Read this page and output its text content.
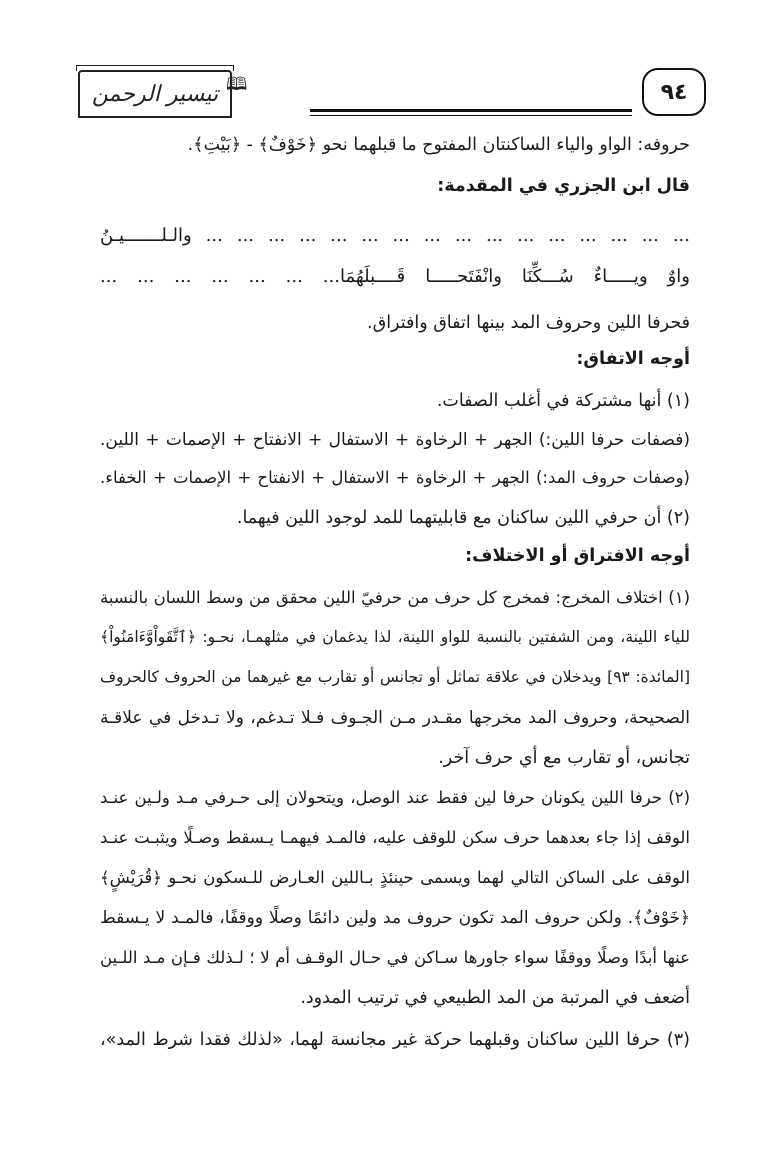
تيسير الرحمن 🕮	٩٤

حروفه: الواو والياء الساكنتان المفتوح ما قبلهما نحو ﴿خَوْفٌ﴾ - ﴿بَيْتِ﴾.

قال ابن الجزري في المقدمة:

... ... ... ... ... ... ... ... ... ... ... ... ... ... ... ... والـلـــــــيـنُ

واوٌ ويـــــاءٌ سُـــكِّنَا وانْفَتَحـــــا قَــــبلَهُمَا... ... ... ... ... ... ...

فحرفا اللين وحروف المد بينها اتفاق وافتراق.

أوجه الاتفاق:

(١) أنها مشتركة في أغلب الصفات.

(فصفات حرفا اللين:) الجهر + الرخاوة + الاستفال + الانفتاح + الإصمات + اللين.

(وصفات حروف المد:) الجهر + الرخاوة + الاستفال + الانفتاح + الإصمات + الخفاء.

(٢) أن حرفي اللين ساكنان مع قابليتهما للمد لوجود اللين فيهما.

أوجه الافتراق أو الاختلاف:

(١) اختلاف المخرج: فمخرج كل حرف من حرفيّ اللين محقق من وسط اللسان بالنسبة

للياء اللينة، ومن الشفتين بالنسبة للواو اللينة، لذا يدغمان في مثلهمـا، نحـو: ﴿ٱتَّقَواْوَّءَامَنُواْ﴾

[المائدة: ٩٣] ويدخلان في علاقة تماثل أو تجانس أو تقارب مع غيرهما من الحروف كالحروف

الصحيحة، وحروف المد مخرجها مقـدر مـن الجـوف فـلا تـدغم، ولا تـدخل في علاقـة

تجانس، أو تقارب مع أي حرف آخر.

(٢) حرفا اللين يكونان حرفا لين فقط عند الوصل، ويتحولان إلى حـرفي مـد ولـين عنـد

الوقف إذا جاء بعدهما حرف سكن للوقف عليه، فالمـد فيهمـا يـسقط وصـلًا ويثبـت عنـد

الوقف على الساكن التالي لهما ويسمى حينئذٍ بـاللين العـارض للـسكون نحـو ﴿قُرَيْشٍ﴾

﴿خَوْفٌ﴾. ولكن حروف المد تكون حروف مد ولين دائمًا وصلًا ووقفًا، فالمـد لا يـسقط

عنها أبدًا وصلًا ووقفًا سواء جاورها سـاكن في حـال الوقـف أم لا ؛ لـذلك فـإن مـد اللـين

أضعف في المرتبة من المد الطبيعي في ترتيب المدود.

(٣) حرفا اللين ساكنان وقبلهما حركة غير مجانسة لهما، «لذلك فقدا شرط المد»،
